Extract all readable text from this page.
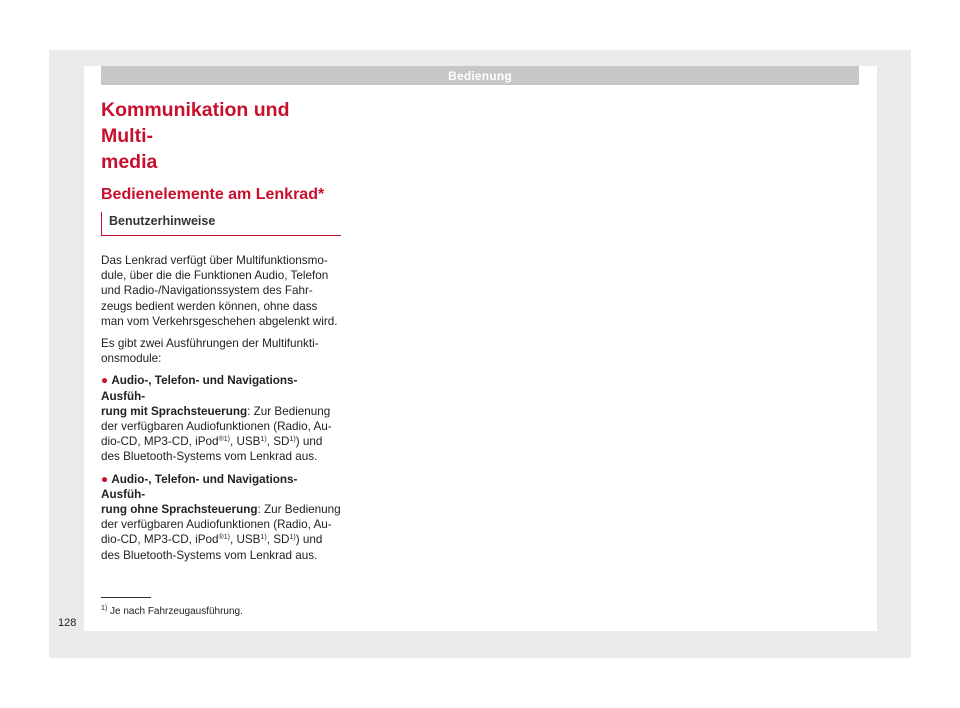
Bedienung
Kommunikation und Multi-
media
Bedienelemente am Lenkrad*
Benutzerhinweise

Das Lenkrad verfügt über Multifunktionsmo-
dule, über die die Funktionen Audio, Telefon
und Radio-/Navigationssystem des Fahr-
zeugs bedient werden können, ohne dass
man vom Verkehrsgeschehen abgelenkt wird.

Es gibt zwei Ausführungen der Multifunkti-
onsmodule:

● Audio-, Telefon- und Navigations-Ausfüh-
rung mit Sprachsteuerung: Zur Bedienung
der verfügbaren Audiofunktionen (Radio, Au-
dio-CD, MP3-CD, iPod$^{®1)}$, USB$^{1)}$, SD$^{1)}$) und
des Bluetooth-Systems vom Lenkrad aus.
● Audio-, Telefon- und Navigations-Ausfüh-
rung ohne Sprachsteuerung: Zur Bedienung
der verfügbaren Audiofunktionen (Radio, Au-
dio-CD, MP3-CD, iPod$^{®1)}$, USB$^{1)}$, SD$^{1)}$) und
des Bluetooth-Systems vom Lenkrad aus.
$^{1)}$ Je nach Fahrzeugausführung.
128
